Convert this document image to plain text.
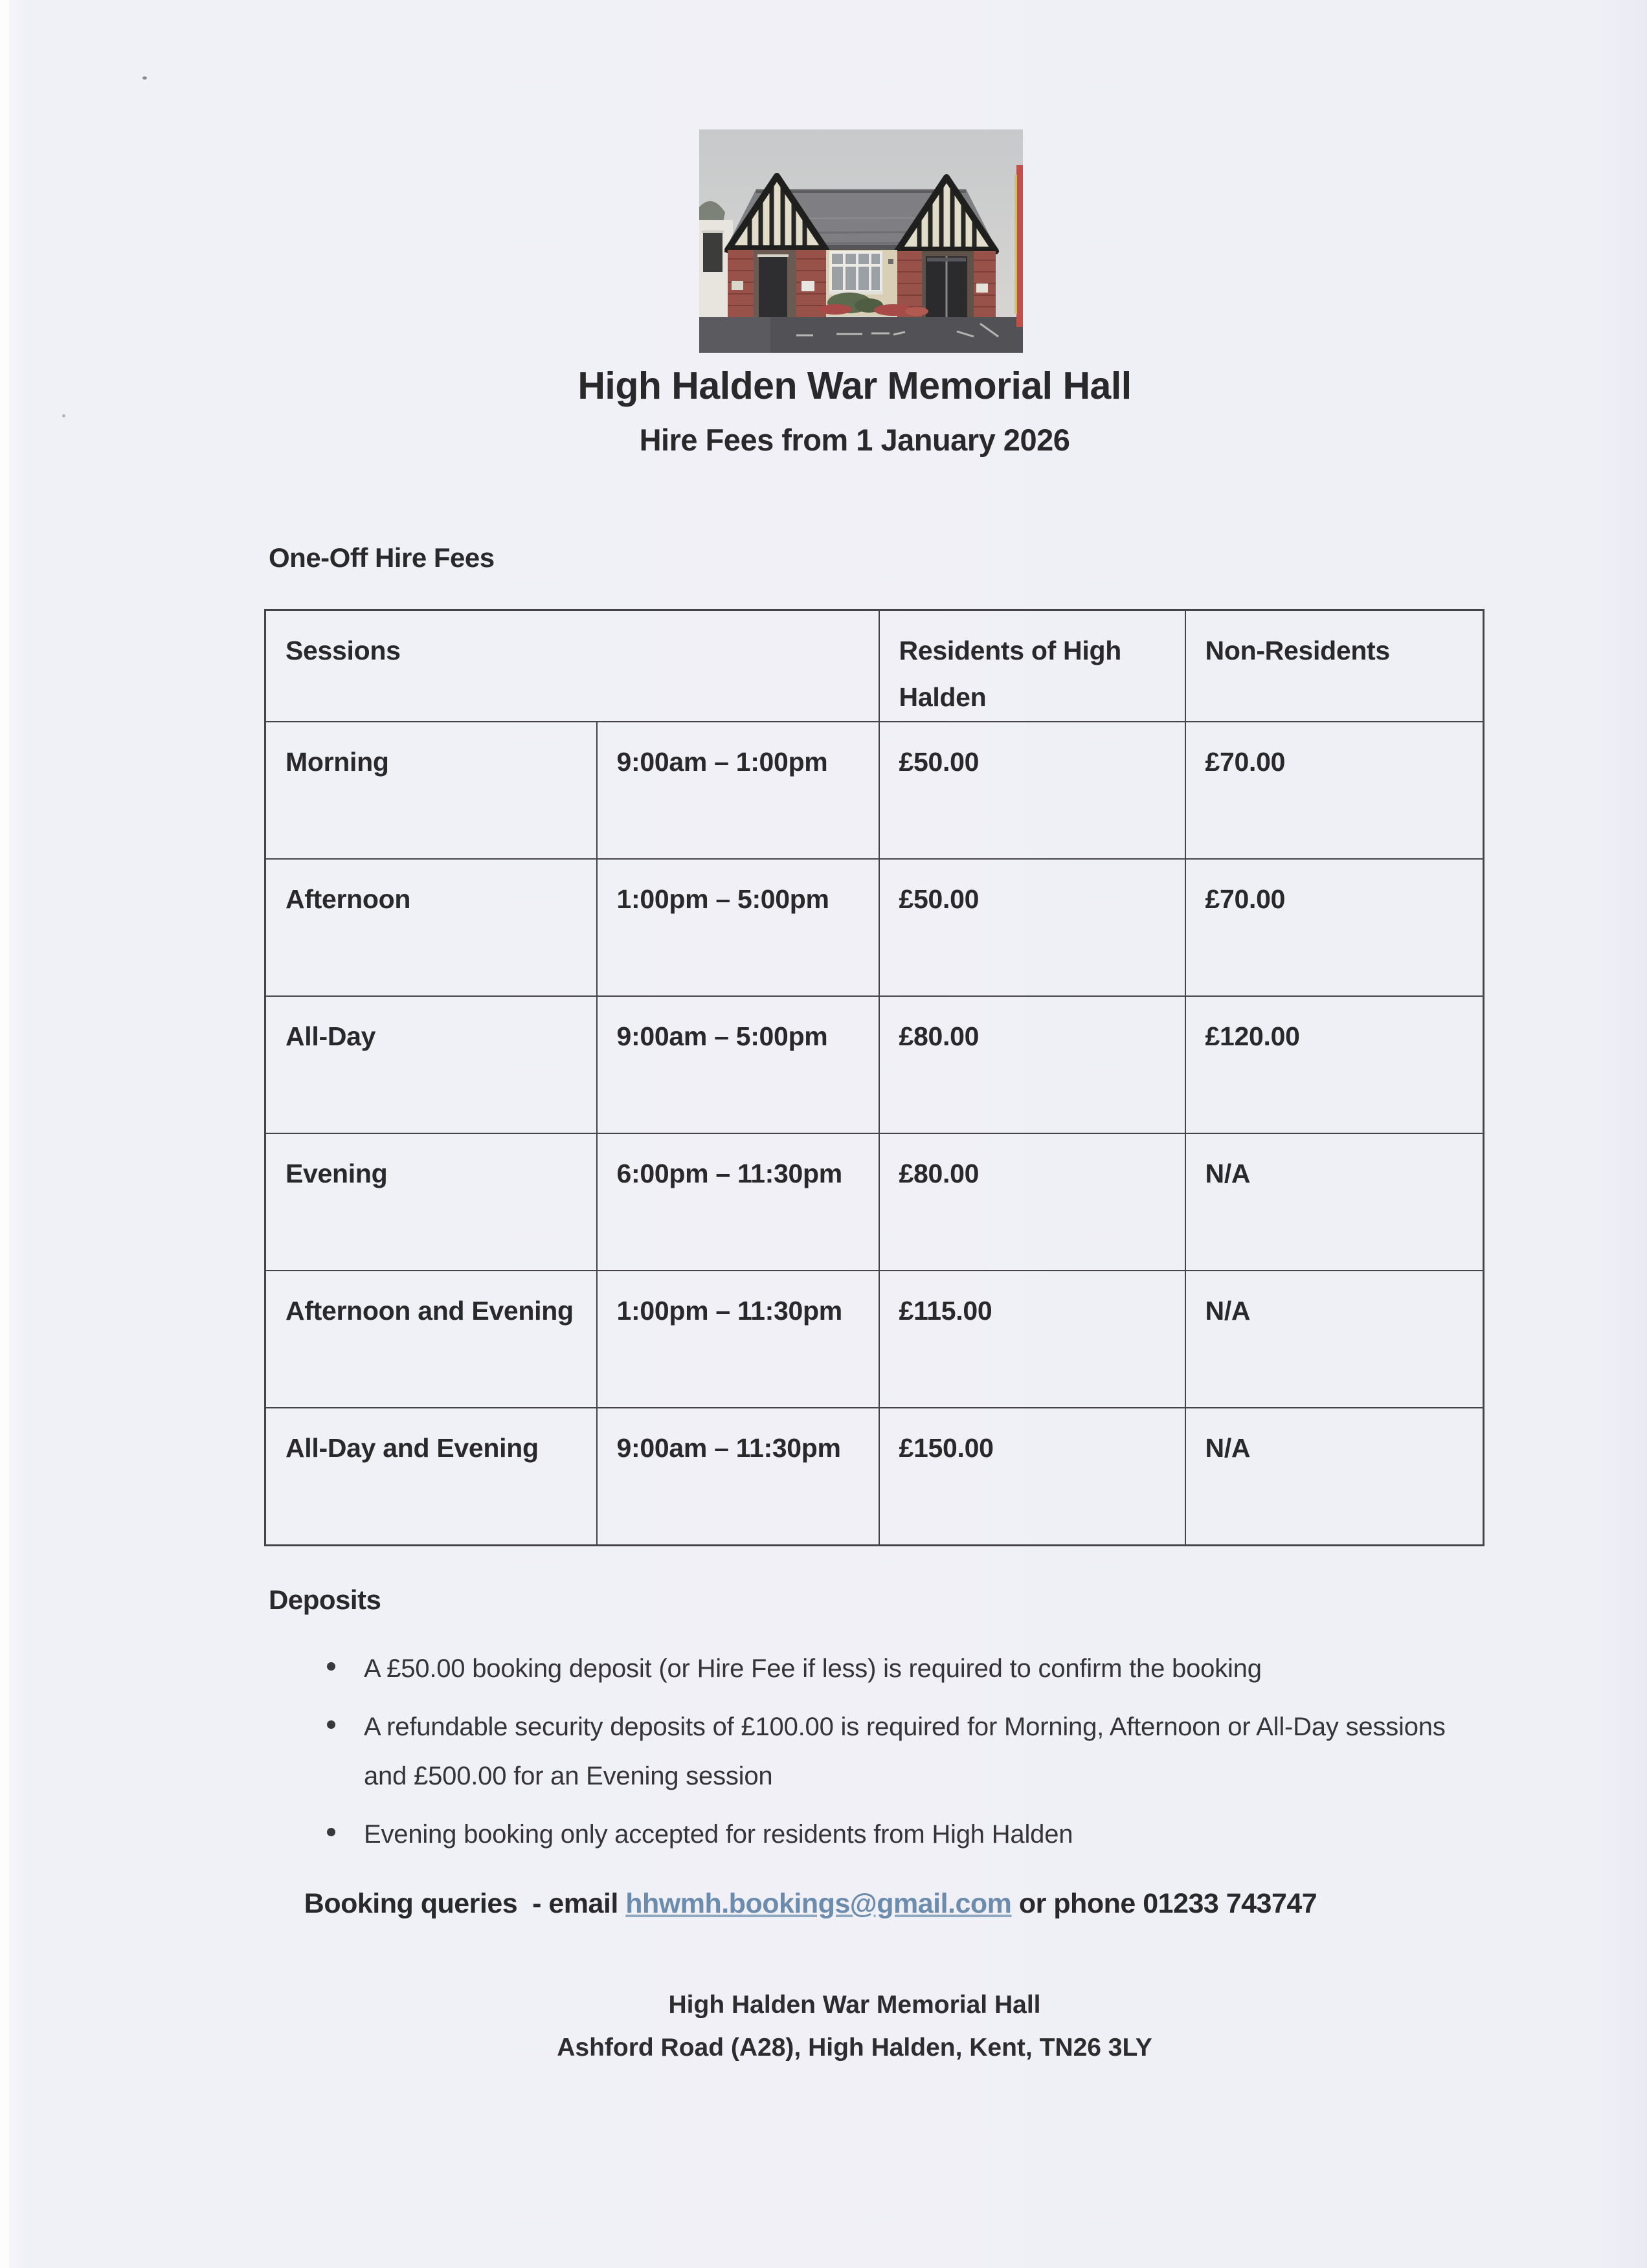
High Halden War Memorial Hall
Hire Fees from 1 January 2026
One-Off Hire Fees
Sessions		Residents of High Halden	Non-Residents
Morning	9:00am – 1:00pm	£50.00	£70.00
Afternoon	1:00pm – 5:00pm	£50.00	£70.00
All-Day	9:00am – 5:00pm	£80.00	£120.00
Evening	6:00pm – 11:30pm	£80.00	N/A
Afternoon and Evening	1:00pm – 11:30pm	£115.00	N/A
All-Day and Evening	9:00am – 11:30pm	£150.00	N/A
Deposits
A £50.00 booking deposit (or Hire Fee if less) is required to confirm the booking
A refundable security deposits of £100.00 is required for Morning, Afternoon or All-Day sessions and £500.00 for an Evening session
Evening booking only accepted for residents from High Halden

Booking queries  - email hhwmh.bookings@gmail.com or phone 01233 743747

High Halden War Memorial Hall
Ashford Road (A28), High Halden, Kent, TN26 3LY
